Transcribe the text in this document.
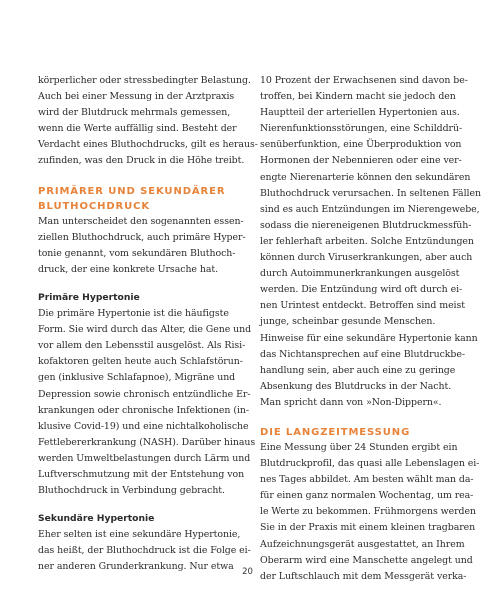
körperlicher oder stressbedingter Belastung.
Auch bei einer Messung in der Arztpraxis
wird der Blutdruck mehrmals gemessen,
wenn die Werte auffällig sind. Besteht der
Verdacht eines Bluthochdrucks, gilt es heraus-
zufinden, was den Druck in die Höhe treibt.
PRIMÄRER UND SEKUNDÄRER
BLUTHOCHDRUCK
Man unterscheidet den sogenannten essen-
ziellen Bluthochdruck, auch primäre Hyper-
tonie genannt, vom sekundären Bluthoch-
druck, der eine konkrete Ursache hat.
Primäre Hypertonie
Die primäre Hypertonie ist die häufigste
Form. Sie wird durch das Alter, die Gene und
vor allem den Lebensstil ausgelöst. Als Risi-
kofaktoren gelten heute auch Schlafstörun-
gen (inklusive Schlafapnoe), Migräne und
Depression sowie chronisch entzündliche Er-
krankungen oder chronische Infektionen (in-
klusive Covid-19) und eine nichtalkoholische
Fettlebererkrankung (NASH). Darüber hinaus
werden Umweltbelastungen durch Lärm und
Luftverschmutzung mit der Entstehung von
Bluthochdruck in Verbindung gebracht.
Sekundäre Hypertonie
Eher selten ist eine sekundäre Hypertonie,
das heißt, der Bluthochdruck ist die Folge ei-
ner anderen Grunderkrankung. Nur etwa
10 Prozent der Erwachsenen sind davon be-
troffen, bei Kindern macht sie jedoch den
Hauptteil der arteriellen Hypertonien aus.
Nierenfunktionsstörungen, eine Schilddrü-
senüberfunktion, eine Überproduktion von
Hormonen der Nebennieren oder eine ver-
engte Nierenarterie können den sekundären
Bluthochdruck verursachen. In seltenen Fällen
sind es auch Entzündungen im Nierengewebe,
sodass die niereneigenen Blutdruckmessfüh-
ler fehlerhaft arbeiten. Solche Entzündungen
können durch Viruserkrankungen, aber auch
durch Autoimmunerkrankungen ausgelöst
werden. Die Entzündung wird oft durch ei-
nen Urintest entdeckt. Betroffen sind meist
junge, scheinbar gesunde Menschen.
Hinweise für eine sekundäre Hypertonie kann
das Nichtansprechen auf eine Blutdruckbe-
handlung sein, aber auch eine zu geringe
Absenkung des Blutdrucks in der Nacht.
Man spricht dann von »Non-Dippern«.
DIE LANGZEITMESSUNG
Eine Messung über 24 Stunden ergibt ein
Blutdruckprofil, das quasi alle Lebenslagen ei-
nes Tages abbildet. Am besten wählt man da-
für einen ganz normalen Wochentag, um rea-
le Werte zu bekommen. Frühmorgens werden
Sie in der Praxis mit einem kleinen tragbaren
Aufzeichnungsgerät ausgestattet, an Ihrem
Oberarm wird eine Manschette angelegt und
der Luftschlauch mit dem Messgerät verka-
20
